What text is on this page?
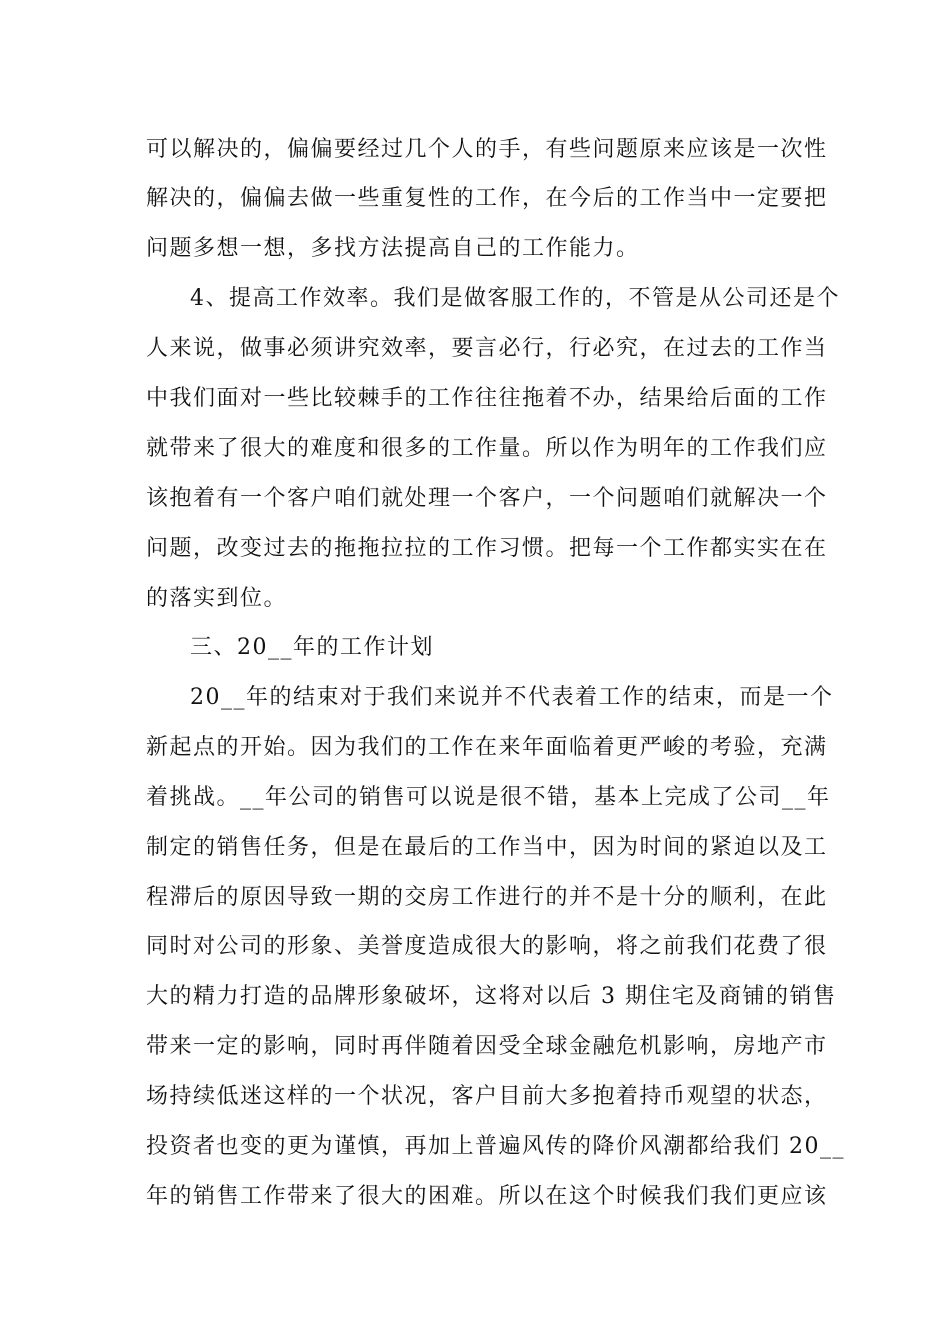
可以解决的，偏偏要经过几个人的手，有些问题原来应该是一次性
解决的，偏偏去做一些重复性的工作，在今后的工作当中一定要把
问题多想一想，多找方法提高自己的工作能力。
4、提高工作效率。我们是做客服工作的，不管是从公司还是个
人来说，做事必须讲究效率，要言必行，行必究，在过去的工作当
中我们面对一些比较棘手的工作往往拖着不办，结果给后面的工作
就带来了很大的难度和很多的工作量。所以作为明年的工作我们应
该抱着有一个客户咱们就处理一个客户，一个问题咱们就解决一个
问题，改变过去的拖拖拉拉的工作习惯。把每一个工作都实实在在
的落实到位。
三、20__年的工作计划
20__年的结束对于我们来说并不代表着工作的结束，而是一个
新起点的开始。因为我们的工作在来年面临着更严峻的考验，充满
着挑战。__年公司的销售可以说是很不错，基本上完成了公司__年
制定的销售任务，但是在最后的工作当中，因为时间的紧迫以及工
程滞后的原因导致一期的交房工作进行的并不是十分的顺利，在此
同时对公司的形象、美誉度造成很大的影响，将之前我们花费了很
大的精力打造的品牌形象破坏，这将对以后 3 期住宅及商铺的销售
带来一定的影响，同时再伴随着因受全球金融危机影响，房地产市
场持续低迷这样的一个状况，客户目前大多抱着持币观望的状态，
投资者也变的更为谨慎，再加上普遍风传的降价风潮都给我们 20__
年的销售工作带来了很大的困难。所以在这个时候我们我们更应该
